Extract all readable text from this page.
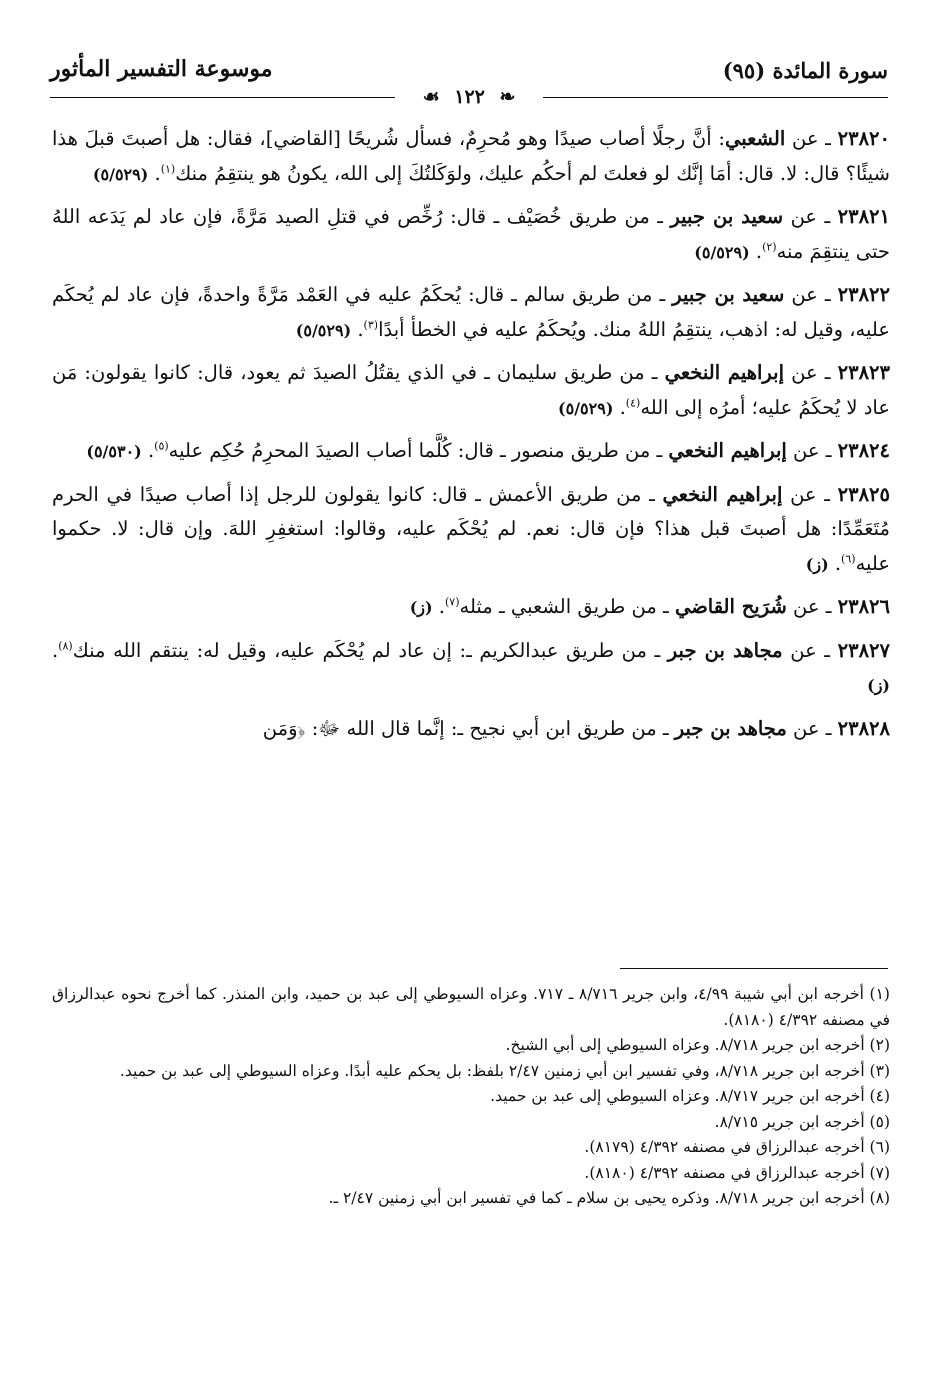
سورة المائدة (٩٥)
موسوعة التفسير المأثور
❧ ١٢٢ ☙

٢٣٨٢٠ ـ عن الشعبي: أنَّ رجلًا أصاب صيدًا وهو مُحرِمٌ، فسأل شُريحًا [القاضي]، فقال: هل أصبتَ قبلَ هذا شيئًا؟ قال: لا. قال: أمَا إنَّك لو فعلتَ لم أحكُم عليك، ولوَكَلتُكَ إلى الله، يكونُ هو ينتقِمُ منك$^{(١)}$. (٥/٥٢٩)

٢٣٨٢١ ـ عن سعيد بن جبير ـ من طريق خُصَيْف ـ قال: رُخِّص في قتلِ الصيد مَرَّةً، فإن عاد لم يَدَعه اللهُ حتى ينتقِمَ منه$^{(٢)}$. (٥/٥٢٩)

٢٣٨٢٢ ـ عن سعيد بن جبير ـ من طريق سالم ـ قال: يُحكَمُ عليه في العَمْد مَرَّةً واحدةً، فإن عاد لم يُحكَم عليه، وقيل له: اذهب، ينتقِمُ اللهُ منك. ويُحكَمُ عليه في الخطأ أبدًا$^{(٣)}$. (٥/٥٢٩)

٢٣٨٢٣ ـ عن إبراهيم النخعي ـ من طريق سليمان ـ في الذي يقتُلُ الصيدَ ثم يعود، قال: كانوا يقولون: مَن عاد لا يُحكَمُ عليه؛ أمرُه إلى الله$^{(٤)}$. (٥/٥٢٩)

٢٣٨٢٤ ـ عن إبراهيم النخعي ـ من طريق منصور ـ قال: كُلَّما أصاب الصيدَ المحرِمُ حُكِم عليه$^{(٥)}$. (٥/٥٣٠)

٢٣٨٢٥ ـ عن إبراهيم النخعي ـ من طريق الأعمش ـ قال: كانوا يقولون للرجل إذا أصاب صيدًا في الحرم مُتَعَمِّدًا: هل أصبتَ قبل هذا؟ فإن قال: نعم. لم يُحْكَم عليه، وقالوا: استغفِرِ اللهَ. وإن قال: لا. حكموا عليه$^{(٦)}$. (ز)

٢٣٨٢٦ ـ عن شُرَيح القاضي ـ من طريق الشعبي ـ مثله$^{(٧)}$. (ز)

٢٣٨٢٧ ـ عن مجاهد بن جبر ـ من طريق عبدالكريم ـ: إن عاد لم يُحْكَم عليه، وقيل له: ينتقم الله منك$^{(٨)}$. (ز)

٢٣٨٢٨ ـ عن مجاهد بن جبر ـ من طريق ابن أبي نجيح ـ: إنَّما قال الله ﷻ: ﴿وَمَن

(١) أخرجه ابن أبي شيبة ٤/٩٩، وابن جرير ٨/٧١٦ ـ ٧١٧. وعزاه السيوطي إلى عبد بن حميد، وابن المنذر. كما أخرج نحوه عبدالرزاق في مصنفه ٤/٣٩٢ (٨١٨٠).

(٢) أخرجه ابن جرير ٨/٧١٨. وعزاه السيوطي إلى أبي الشيخ.

(٣) أخرجه ابن جرير ٨/٧١٨، وفي تفسير ابن أبي زمنين ٢/٤٧ بلفظ: بل يحكم عليه أبدًا. وعزاه السيوطي إلى عبد بن حميد.

(٤) أخرجه ابن جرير ٨/٧١٧. وعزاه السيوطي إلى عبد بن حميد.

(٥) أخرجه ابن جرير ٨/٧١٥.

(٦) أخرجه عبدالرزاق في مصنفه ٤/٣٩٢ (٨١٧٩).

(٧) أخرجه عبدالرزاق في مصنفه ٤/٣٩٢ (٨١٨٠).

(٨) أخرجه ابن جرير ٨/٧١٨. وذكره يحيى بن سلام ـ كما في تفسير ابن أبي زمنين ٢/٤٧ ـ.
